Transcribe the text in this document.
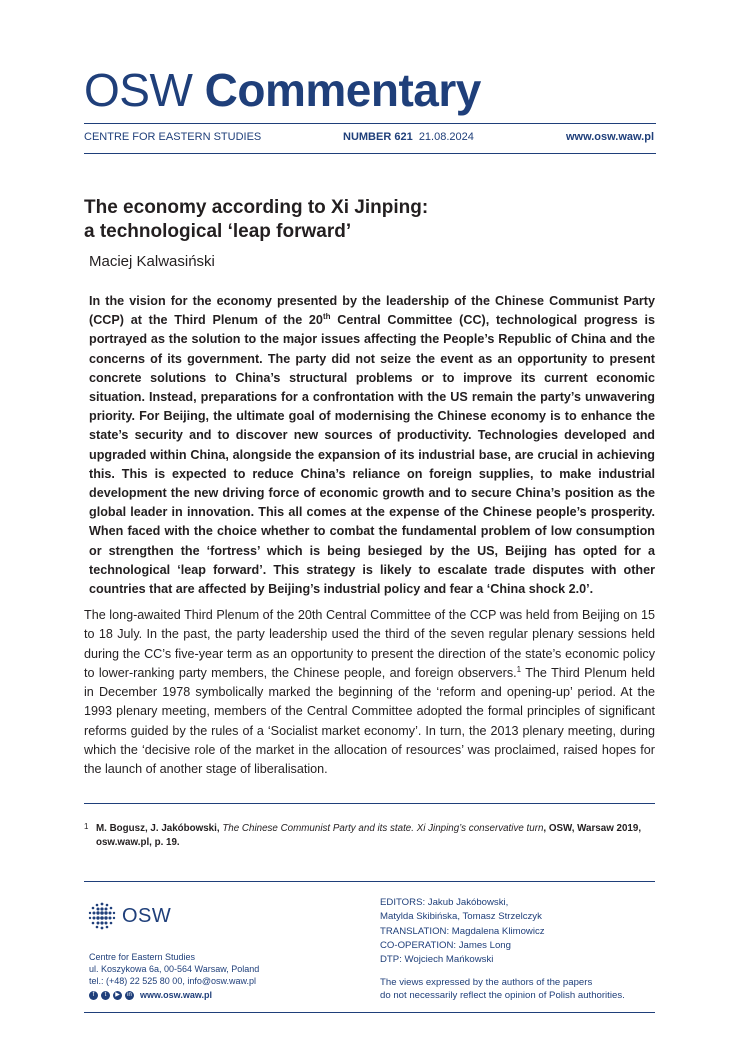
OSW Commentary
CENTRE FOR EASTERN STUDIES	NUMBER 621 21.08.2024	www.osw.waw.pl
The economy according to Xi Jinping:
a technological ‘leap forward’
Maciej Kalwasiński
In the vision for the economy presented by the leadership of the Chinese Communist Party (CCP) at the Third Plenum of the 20th Central Committee (CC), technological progress is portrayed as the solution to the major issues affecting the People’s Republic of China and the concerns of its government. The party did not seize the event as an opportunity to present concrete solutions to China’s structural problems or to improve its current economic situation. Instead, preparations for a confrontation with the US remain the party’s unwavering priority. For Beijing, the ultimate goal of modernising the Chinese economy is to enhance the state’s security and to discover new sources of productivity. Technologies developed and upgraded within China, alongside the expansion of its industrial base, are crucial in achieving this. This is expected to reduce China’s reliance on foreign supplies, to make industrial development the new driving force of economic growth and to secure China’s position as the global leader in innovation. This all comes at the expense of the Chinese people’s prosperity. When faced with the choice whether to combat the fundamental problem of low consumption or strengthen the ‘fortress’ which is being besieged by the US, Beijing has opted for a technological ‘leap forward’. This strategy is likely to escalate trade disputes with other countries that are affected by Beijing’s industrial policy and fear a ‘China shock 2.0’.
The long-awaited Third Plenum of the 20th Central Committee of the CCP was held from Beijing on 15 to 18 July. In the past, the party leadership used the third of the seven regular plenary sessions held during the CC’s five-year term as an opportunity to present the direction of the state’s economic policy to lower-ranking party members, the Chinese people, and foreign observers.$^1$ The Third Plenum held in December 1978 symbolically marked the beginning of the ‘reform and opening-up’ period. At the 1993 plenary meeting, members of the Central Committee adopted the formal principles of significant reforms guided by the rules of a ‘Socialist market economy’. In turn, the 2013 plenary meeting, during which the ‘decisive role of the market in the allocation of resources’ was proclaimed, raised hopes for the launch of another stage of liberalisation.
1 M. Bogusz, J. Jakóbowski, The Chinese Communist Party and its state. Xi Jinping’s conservative turn, OSW, Warsaw 2019, osw.waw.pl, p. 19.
OSW
Centre for Eastern Studies
ul. Koszykowa 6a, 00-564 Warsaw, Poland
tel.: (+48) 22 525 80 00, info@osw.waw.pl
f	t	▶	in www.osw.waw.pl
EDITORS: Jakub Jakóbowski,
Matylda Skibińska, Tomasz Strzelczyk
TRANSLATION: Magdalena Klimowicz
CO-OPERATION: James Long
DTP: Wojciech Mańkowski
The views expressed by the authors of the papers
do not necessarily reflect the opinion of Polish authorities.
